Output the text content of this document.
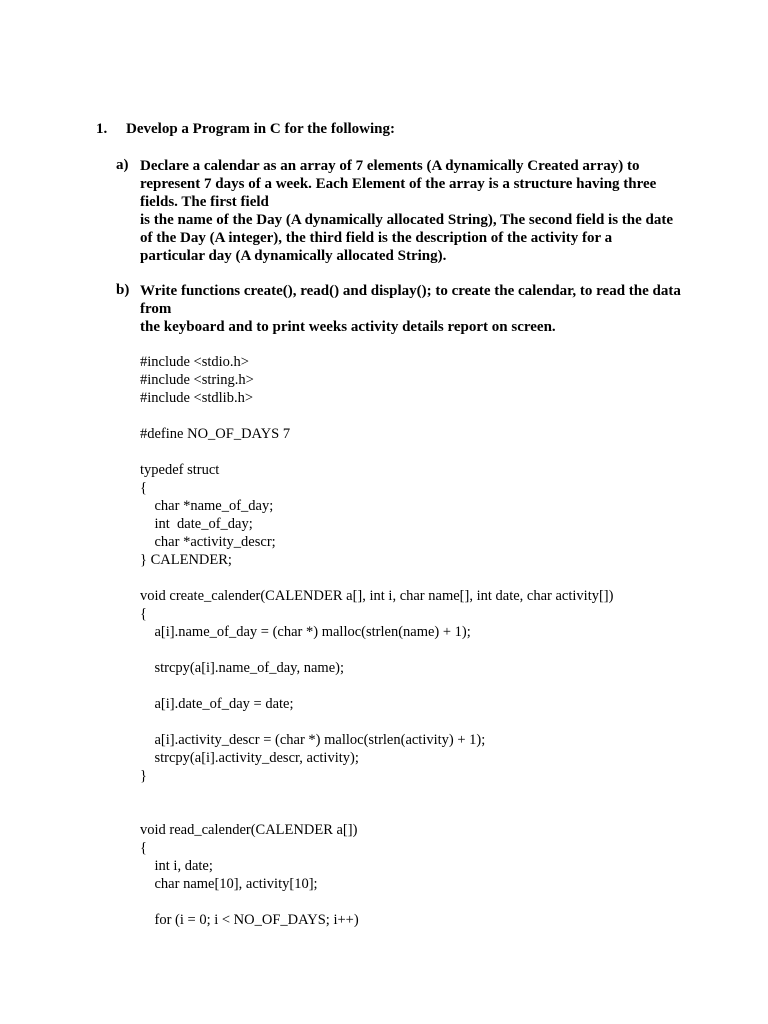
1. Develop a Program in C for the following:
a) Declare a calendar as an array of 7 elements (A dynamically Created array) to
represent 7 days of a week. Each Element of the array is a structure having three
fields. The first field
is the name of the Day (A dynamically allocated String), The second field is the date
of the Day (A integer), the third field is the description of the activity for a
particular day (A dynamically allocated String).
b) Write functions create(), read() and display(); to create the calendar, to read the data
from
the keyboard and to print weeks activity details report on screen.
#include <stdio.h>
#include <string.h>
#include <stdlib.h>
#define NO_OF_DAYS 7
typedef struct
{
char *name_of_day;
int  date_of_day;
char *activity_descr;
} CALENDER;
void create_calender(CALENDER a[], int i, char name[], int date, char activity[])
{
a[i].name_of_day = (char *) malloc(strlen(name) + 1);
strcpy(a[i].name_of_day, name);
a[i].date_of_day = date;
a[i].activity_descr = (char *) malloc(strlen(activity) + 1);
strcpy(a[i].activity_descr, activity);
}
void read_calender(CALENDER a[])
{
int i, date;
char name[10], activity[10];
for (i = 0; i < NO_OF_DAYS; i++)
